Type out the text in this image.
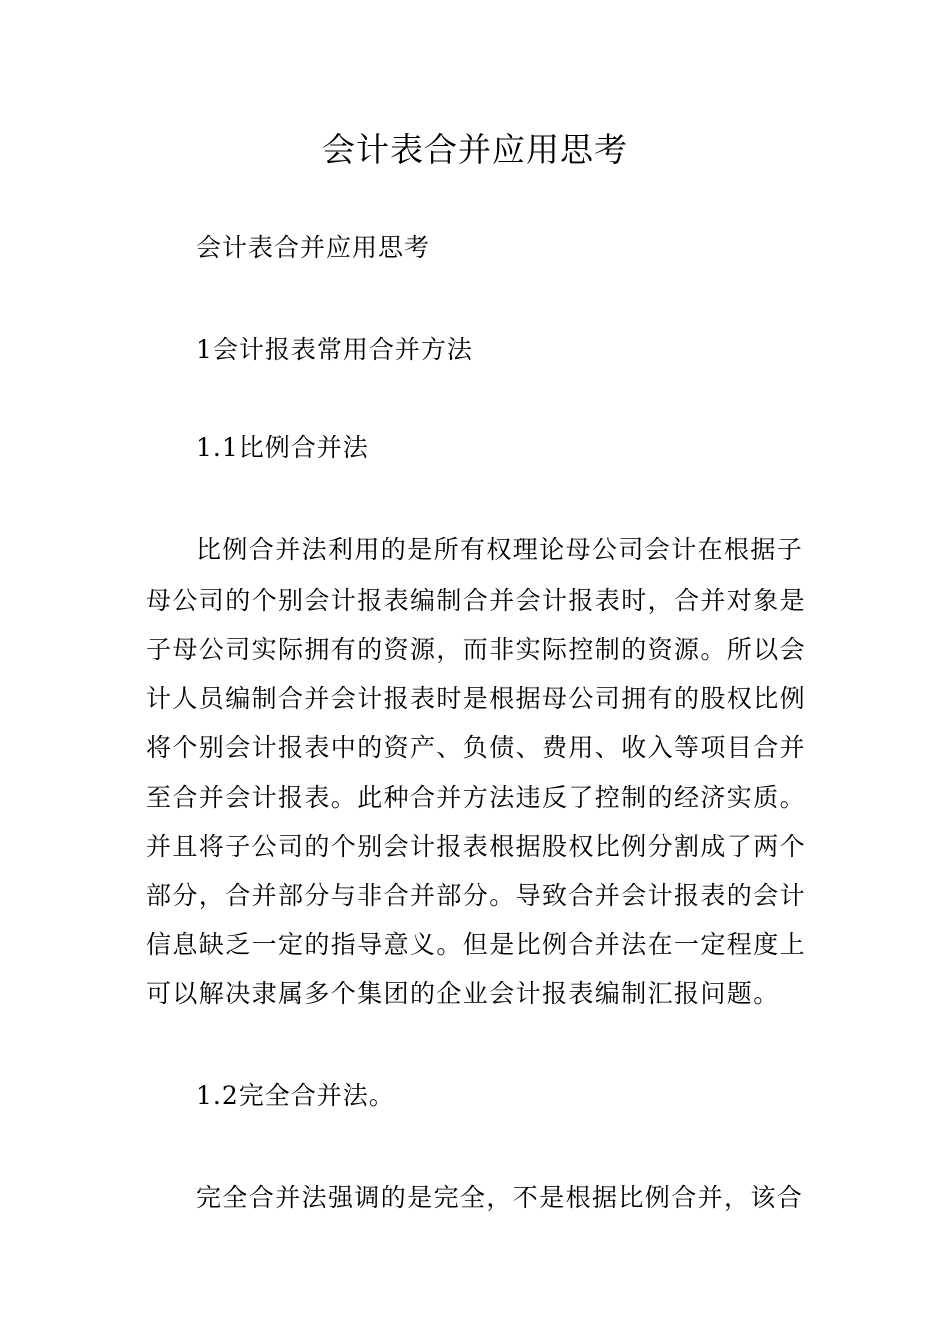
会计表合并应用思考
会计表合并应用思考
1会计报表常用合并方法
1.1比例合并法
比例合并法利用的是所有权理论母公司会计在根据子
母公司的个别会计报表编制合并会计报表时，合并对象是
子母公司实际拥有的资源，而非实际控制的资源。所以会
计人员编制合并会计报表时是根据母公司拥有的股权比例
将个别会计报表中的资产、负债、费用、收入等项目合并
至合并会计报表。此种合并方法违反了控制的经济实质。
并且将子公司的个别会计报表根据股权比例分割成了两个
部分，合并部分与非合并部分。导致合并会计报表的会计
信息缺乏一定的指导意义。但是比例合并法在一定程度上
可以解决隶属多个集团的企业会计报表编制汇报问题。
1.2完全合并法。
完全合并法强调的是完全，不是根据比例合并，该合
